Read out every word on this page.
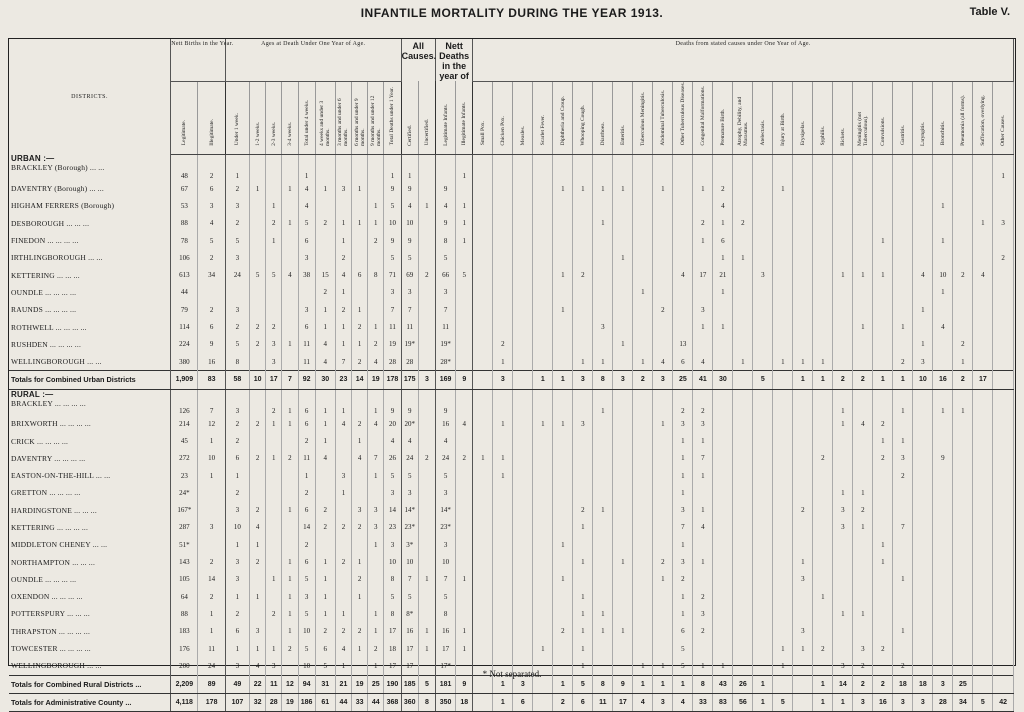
INFANTILE MORTALITY DURING THE YEAR 1913.	Table V.
DISTRICTS.	Nett Births in the Year.		Ages at Death Under One Year of Age.										All Causes.		Nett Deaths in the year of		Deaths from stated causes under One Year of Age.																										
	Legitimate.	Illegitimate.	Under 1 week.	1-2 weeks.	2-3 weeks.	3-4 weeks.	Total under 4 weeks.	4 weeks and under 3 months.	3 months and under 6 months.	6 months and under 9 months.	9 months and under 12 months.	Total Deaths under 1 Year.	Certified.	Uncertified.	Legitimate Infants.	Illegitimate Infants.	Small Pox.	Chicken Pox.	Measles.	Scarlet Fever.	Diphtheria and Croup.	Whooping Cough.	Diarrhoea.	Enteritis.	Tuberculous Meningitis.	Abdominal Tuberculosis.	Other Tuberculous Diseases.	Congenital Malformations.	Premature Birth.	Atrophy, Debility, and Marasmus.	Atelectasis.	Injury at Birth.	Erysipelas.	Syphilis.	Rickets.	Meningitis (not Tuberculous).	Convulsions.	Gastritis.	Laryngitis.	Bronchitis.	Pneumonia (all forms).	Suffocation, overlying.	Other Causes.

URBAN :—
BRACKLEY (Borough) ... ...	48	2	1				1					1	1			1																											1
DAVENTRY (Borough) ... ...	67	6	2	1		1	4	1	3	1		9	9		9						1	1	1	1		1		1	2			1											
HIGHAM FERRERS (Borough)	53	3	3		1		4				1	5	4	1	4	1													4											1			
DESBOROUGH ... ... ...	88	4	2		2	1	5	2	1	1	1	10	10		9	1							1					2	1	2												1	3
FINEDON ... ... ... ...	78	5	5		1		6		1		2	9	9		8	1												1	6								1			1			
IRTHLINGBOROUGH ... ...	106	2	3				3		2			5	5		5									1					1	1													2
KETTERING ... ... ...	613	34	24	5	5	4	38	15	4	6	8	71	69	2	66	5					1	2					4	17	21		3				1	1	1		4	10	2	4	
OUNDLE ... ... ... ...	44							2	1			3	3		3										1				1											1			
RAUNDS ... ... ... ...	79	2	3				3	1	2	1		7	7		7						1					2		3											1				
ROTHWELL ... ... ... ...	114	6	2	2	2		6	1	1	2	1	11	11		11								3					1	1							1		1		4			
RUSHDEN ... ... ... ...	224	9	5	2	3	1	11	4	1	1	2	19	19*		19*			2						1			13												1		2		
WELLINGBOROUGH ... ...	380	16	8		3		11	4	7	2	4	28	28		28*			1				1	1		1	4	6	4		1		1	1	1				2	3		1		
Totals for Combined Urban Districts	1,909	83	58	10	17	7	92	30	23	14	19	178	175	3	169	9		3		1	1	3	8	3	2	3	25	41	30		5		1	1	2	2	1	1	10	16	2	17	

RURAL :—
BRACKLEY ... ... ... ...	126	7	3		2	1	6	1	1		1	9	9		9								1				2	2							1			1		1	1		
BRIXWORTH ... ... ... ...	214	12	2	2	1	1	6	1	4	2	4	20	20*		16	4		1		1	1	3				1	3	3							1	4	2						
CRICK ... ... ... ...	45	1	2				2	1		1		4	4		4												1	1									1	1					
DAVENTRY ... ... ... ...	272	10	6	2	1	2	11	4		4	7	26	24	2	24	2	1	1									1	7						2			2	3		9			
EASTON-ON-THE-HILL ... ...	23	1	1				1		3		1	5	5		5			1									1	1										2					
GRETTON ... ... ... ...	24*		2				2		1			3	3		3												1								1	1							
HARDINGSTONE ... ... ...	167*		3	2		1	6	2		3	3	14	14*		14*							2	1				3	1					2		3	2							
KETTERING ... ... ... ...	287	3	10	4			14	2	2	2	3	23	23*		23*							1					7	4							3	1		7					
MIDDLETON CHENEY ... ...	51*		1	1			2				1	3	3*		3						1						1										1						
NORTHAMPTON ... ... ...	143	2	3	2		1	6	1	2	1		10	10		10							1		1		2	3	1					1				1						
OUNDLE ... ... ... ...	105	14	3		1	1	5	1		2		8	7	1	7	1					1					1	2						3					1					
OXENDON ... ... ... ...	64	2	1	1		1	3	1		1		5	5		5							1					1	2						1									
POTTERSPURY ... ... ...	88	1	2		2	1	5	1	1		1	8	8*		8							1	1				1	3							1	1							
THRAPSTON ... ... ... ...	183	1	6	3		1	10	2	2	2	1	17	16	1	16	1					2	1	1	1			6	2					3					1					
TOWCESTER ... ... ... ...	176	11	1	1	1	2	5	6	4	1	2	18	17	1	17	1				1		1					5					1	1	2		3	2						
WELLINGBOROUGH ... ...	200	24	3	4	3		10	5	1		1	17	17		17*							1			1	1	5	1	1			1			3	2		2					
Totals for Combined Rural Districts ...	2,209	89	49	22	11	12	94	31	21	19	25	190	185	5	181	9		1	3		1	5	8	9	1	1	1	8	43	26	1			1	14	2	2	18	18	3	25		
Totals for Administrative County ...	4,118	178	107	32	28	19	186	61	44	33	44	368	360	8	350	18		1	6		2	6	11	17	4	3	4	33	83	56	1	5		1	1	3	16	3	3	28	34	5	42
* Not separated.
